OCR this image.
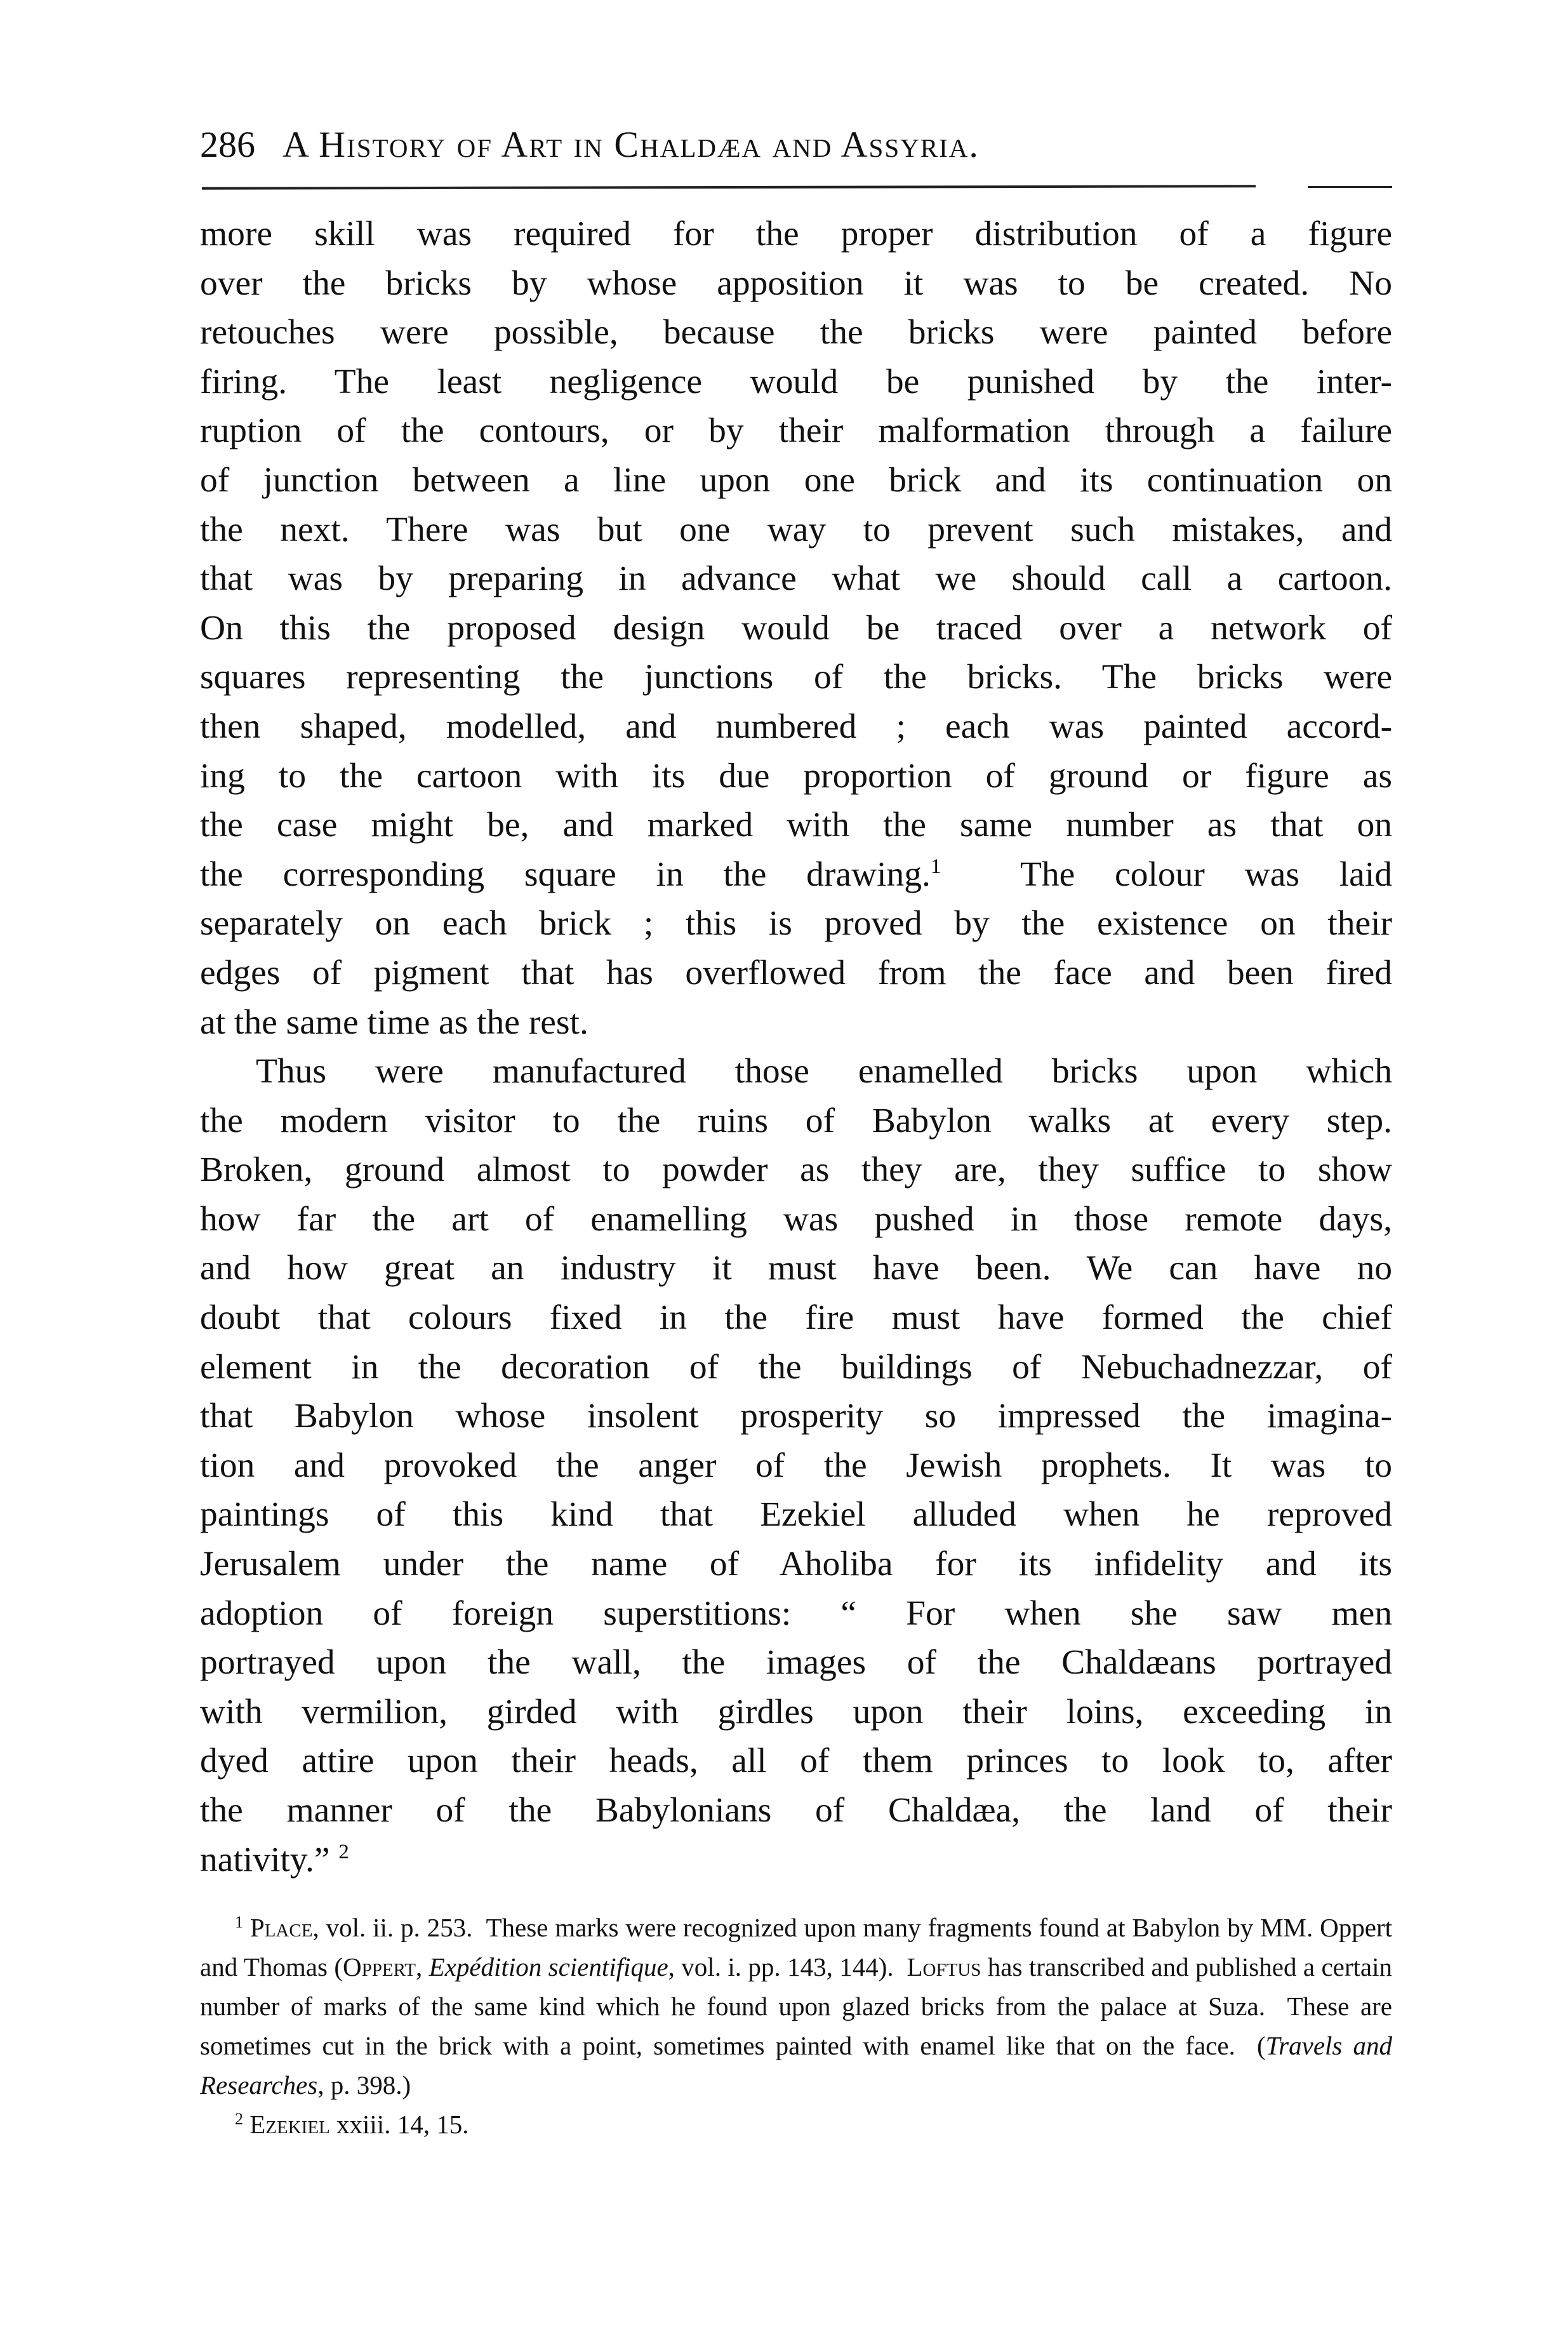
286 A History of Art in Chaldæa and Assyria.

more skill was required for the proper distribution of a figure

over the bricks by whose apposition it was to be created. No

retouches were possible, because the bricks were painted before

firing. The least negligence would be punished by the inter-

ruption of the contours, or by their malformation through a failure

of junction between a line upon one brick and its continuation on

the next. There was but one way to prevent such mistakes, and

that was by preparing in advance what we should call a cartoon.

On this the proposed design would be traced over a network of

squares representing the junctions of the bricks. The bricks were

then shaped, modelled, and numbered ; each was painted accord-

ing to the cartoon with its due proportion of ground or figure as

the case might be, and marked with the same number as that on

the corresponding square in the drawing.$^1$  The colour was laid

separately on each brick ; this is proved by the existence on their

edges of pigment that has overflowed from the face and been fired

at the same time as the rest.

Thus were manufactured those enamelled bricks upon which

the modern visitor to the ruins of Babylon walks at every step.

Broken, ground almost to powder as they are, they suffice to show

how far the art of enamelling was pushed in those remote days,

and how great an industry it must have been. We can have no

doubt that colours fixed in the fire must have formed the chief

element in the decoration of the buildings of Nebuchadnezzar, of

that Babylon whose insolent prosperity so impressed the imagina-

tion and provoked the anger of the Jewish prophets. It was to

paintings of this kind that Ezekiel alluded when he reproved

Jerusalem under the name of Aholiba for its infidelity and its

adoption of foreign superstitions: “ For when she saw men

portrayed upon the wall, the images of the Chaldæans portrayed

with vermilion, girded with girdles upon their loins, exceeding in

dyed attire upon their heads, all of them princes to look to, after

the manner of the Babylonians of Chaldæa, the land of their

nativity.” $^2$

$^1$ Place, vol. ii. p. 253.  These marks were recognized upon many fragments found at Babylon by MM. Oppert and Thomas (Oppert, Expédition scientifique, vol. i. pp. 143, 144).  Loftus has transcribed and published a certain number of marks of the same kind which he found upon glazed bricks from the palace at Suza.  These are sometimes cut in the brick with a point, sometimes painted with enamel like that on the face.  (Travels and Researches, p. 398.)

$^2$ Ezekiel xxiii. 14, 15.
